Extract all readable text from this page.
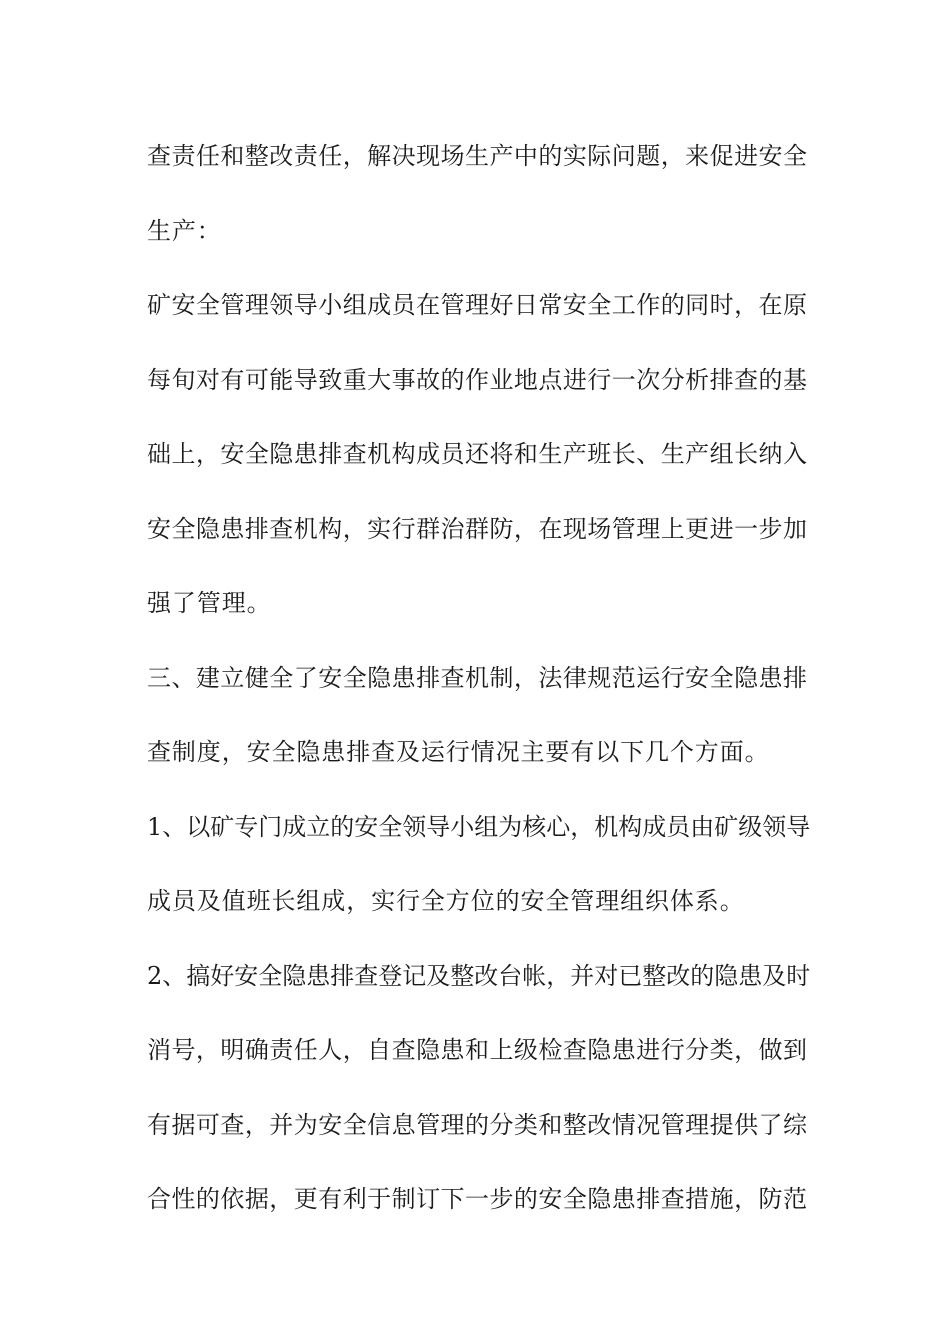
查责任和整改责任，解决现场生产中的实际问题，来促进安全
生产：
矿安全管理领导小组成员在管理好日常安全工作的同时，在原
每旬对有可能导致重大事故的作业地点进行一次分析排查的基
础上，安全隐患排查机构成员还将和生产班长、生产组长纳入
安全隐患排查机构，实行群治群防，在现场管理上更进一步加
强了管理。
三、建立健全了安全隐患排查机制，法律规范运行安全隐患排
查制度，安全隐患排查及运行情况主要有以下几个方面。
1、以矿专门成立的安全领导小组为核心，机构成员由矿级领导
成员及值班长组成，实行全方位的安全管理组织体系。
2、搞好安全隐患排查登记及整改台帐，并对已整改的隐患及时
消号，明确责任人，自查隐患和上级检查隐患进行分类，做到
有据可查，并为安全信息管理的分类和整改情况管理提供了综
合性的依据，更有利于制订下一步的安全隐患排查措施，防范
